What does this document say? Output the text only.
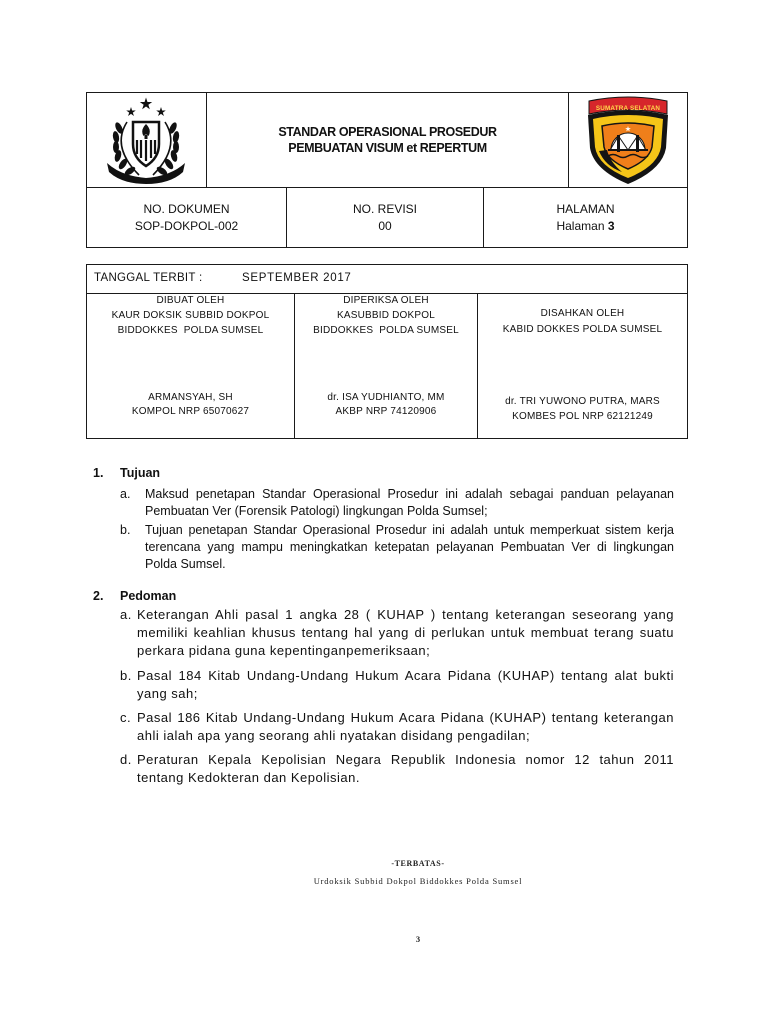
STANDAR OPERASIONAL PROSEDUR
PEMBUATAN VISUM et REPERTUM
SUMATRA SELATAN
NO. DOKUMEN
SOP-DOKPOL-002
NO. REVISI
00
HALAMAN
Halaman 3
TANGGAL TERBIT :	SEPTEMBER 2017
DIBUAT OLEH
KAUR DOKSIK SUBBID DOKPOL
BIDDOKKES  POLDA SUMSEL
ARMANSYAH, SH
KOMPOL NRP 65070627
DIPERIKSA OLEH
KASUBBID DOKPOL
BIDDOKKES  POLDA SUMSEL
dr. ISA YUDHIANTO, MM
AKBP NRP 74120906
DISAHKAN OLEH
KABID DOKKES POLDA SUMSEL
dr. TRI YUWONO PUTRA, MARS
KOMBES POL NRP 62121249
1. Tujuan
a. Maksud penetapan Standar Operasional Prosedur ini adalah sebagai panduan pelayanan
Pembuatan Ver (Forensik Patologi) lingkungan Polda Sumsel;
b. Tujuan penetapan Standar Operasional Prosedur ini adalah untuk memperkuat sistem kerja
terencana yang mampu meningkatkan ketepatan pelayanan Pembuatan Ver di lingkungan
Polda Sumsel.
2. Pedoman
a. Keterangan Ahli pasal 1 angka 28 ( KUHAP ) tentang keterangan seseorang yang
memiliki keahlian khusus tentang hal yang di perlukan untuk membuat terang suatu
perkara pidana guna kepentinganpemeriksaan;
b. Pasal 184 Kitab Undang-Undang Hukum Acara Pidana (KUHAP) tentang alat bukti
yang sah;
c. Pasal 186 Kitab Undang-Undang Hukum Acara Pidana (KUHAP) tentang keterangan
ahli ialah apa yang seorang ahli nyatakan disidang pengadilan;
d. Peraturan Kepala Kepolisian Negara Republik Indonesia nomor 12 tahun 2011
tentang Kedokteran dan Kepolisian.
-TERBATAS-
Urdoksik Subbid Dokpol Biddokkes Polda Sumsel
3
